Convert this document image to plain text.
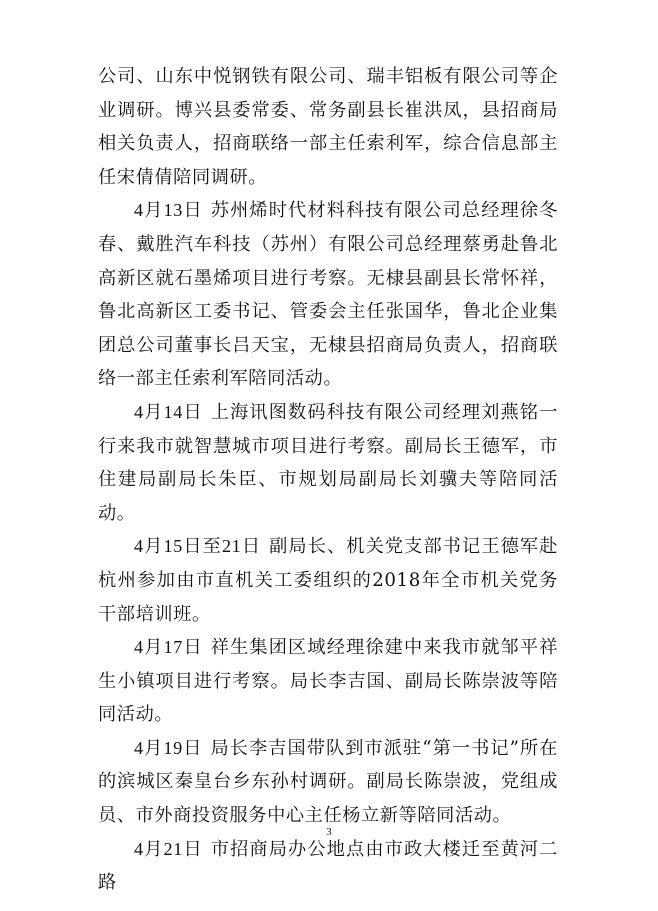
公司、山东中悦钢铁有限公司、瑞丰铝板有限公司等企业调研。博兴县委常委、常务副县长崔洪凤，县招商局相关负责人，招商联络一部主任索利军，综合信息部主任宋倩倩陪同调研。

4月13日 苏州烯时代材料科技有限公司总经理徐冬春、戴胜汽车科技（苏州）有限公司总经理蔡勇赴鲁北高新区就石墨烯项目进行考察。无棣县副县长常怀祥，鲁北高新区工委书记、管委会主任张国华，鲁北企业集团总公司董事长吕天宝，无棣县招商局负责人，招商联络一部主任索利军陪同活动。

4月14日 上海讯图数码科技有限公司经理刘燕铭一行来我市就智慧城市项目进行考察。副局长王德军，市住建局副局长朱臣、市规划局副局长刘骥夫等陪同活动。

4月15日至21日 副局长、机关党支部书记王德军赴杭州参加由市直机关工委组织的2018年全市机关党务干部培训班。

4月17日 祥生集团区域经理徐建中来我市就邹平祥生小镇项目进行考察。局长李吉国、副局长陈崇波等陪同活动。

4月19日 局长李吉国带队到市派驻“第一书记”所在的滨城区秦皇台乡东孙村调研。副局长陈崇波，党组成员、市外商投资服务中心主任杨立新等陪同活动。

4月21日 市招商局办公地点由市政大楼迁至黄河二路

3
